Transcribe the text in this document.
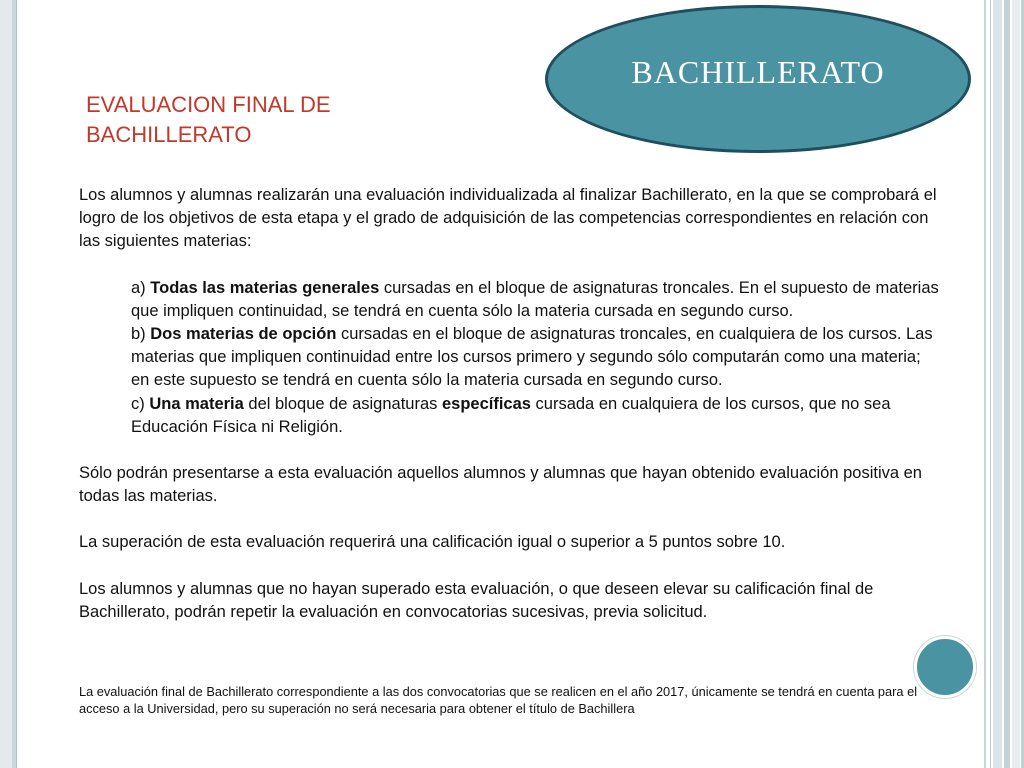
BACHILLERATO
EVALUACION FINAL DE BACHILLERATO

Los alumnos y alumnas realizarán una evaluación individualizada al finalizar Bachillerato, en la que se comprobará el logro de los objetivos de esta etapa y el grado de adquisición de las competencias correspondientes en relación con las siguientes materias:

a) Todas las materias generales cursadas en el bloque de asignaturas troncales. En el supuesto de materias que impliquen continuidad, se tendrá en cuenta sólo la materia cursada en segundo curso.

b) Dos materias de opción cursadas en el bloque de asignaturas troncales, en cualquiera de los cursos. Las materias que impliquen continuidad entre los cursos primero y segundo sólo computarán como una materia; en este supuesto se tendrá en cuenta sólo la materia cursada en segundo curso.

c) Una materia del bloque de asignaturas específicas cursada en cualquiera de los cursos, que no sea Educación Física ni Religión.

Sólo podrán presentarse a esta evaluación aquellos alumnos y alumnas que hayan obtenido evaluación positiva en todas las materias.

La superación de esta evaluación requerirá una calificación igual o superior a 5 puntos sobre 10.

Los alumnos y alumnas que no hayan superado esta evaluación, o que deseen elevar su calificación final de Bachillerato, podrán repetir la evaluación en convocatorias sucesivas, previa solicitud.

La evaluación final de Bachillerato correspondiente a las dos convocatorias que se realicen en el año 2017, únicamente se tendrá en cuenta para el acceso a la Universidad, pero su superación no será necesaria para obtener el título de Bachillera
